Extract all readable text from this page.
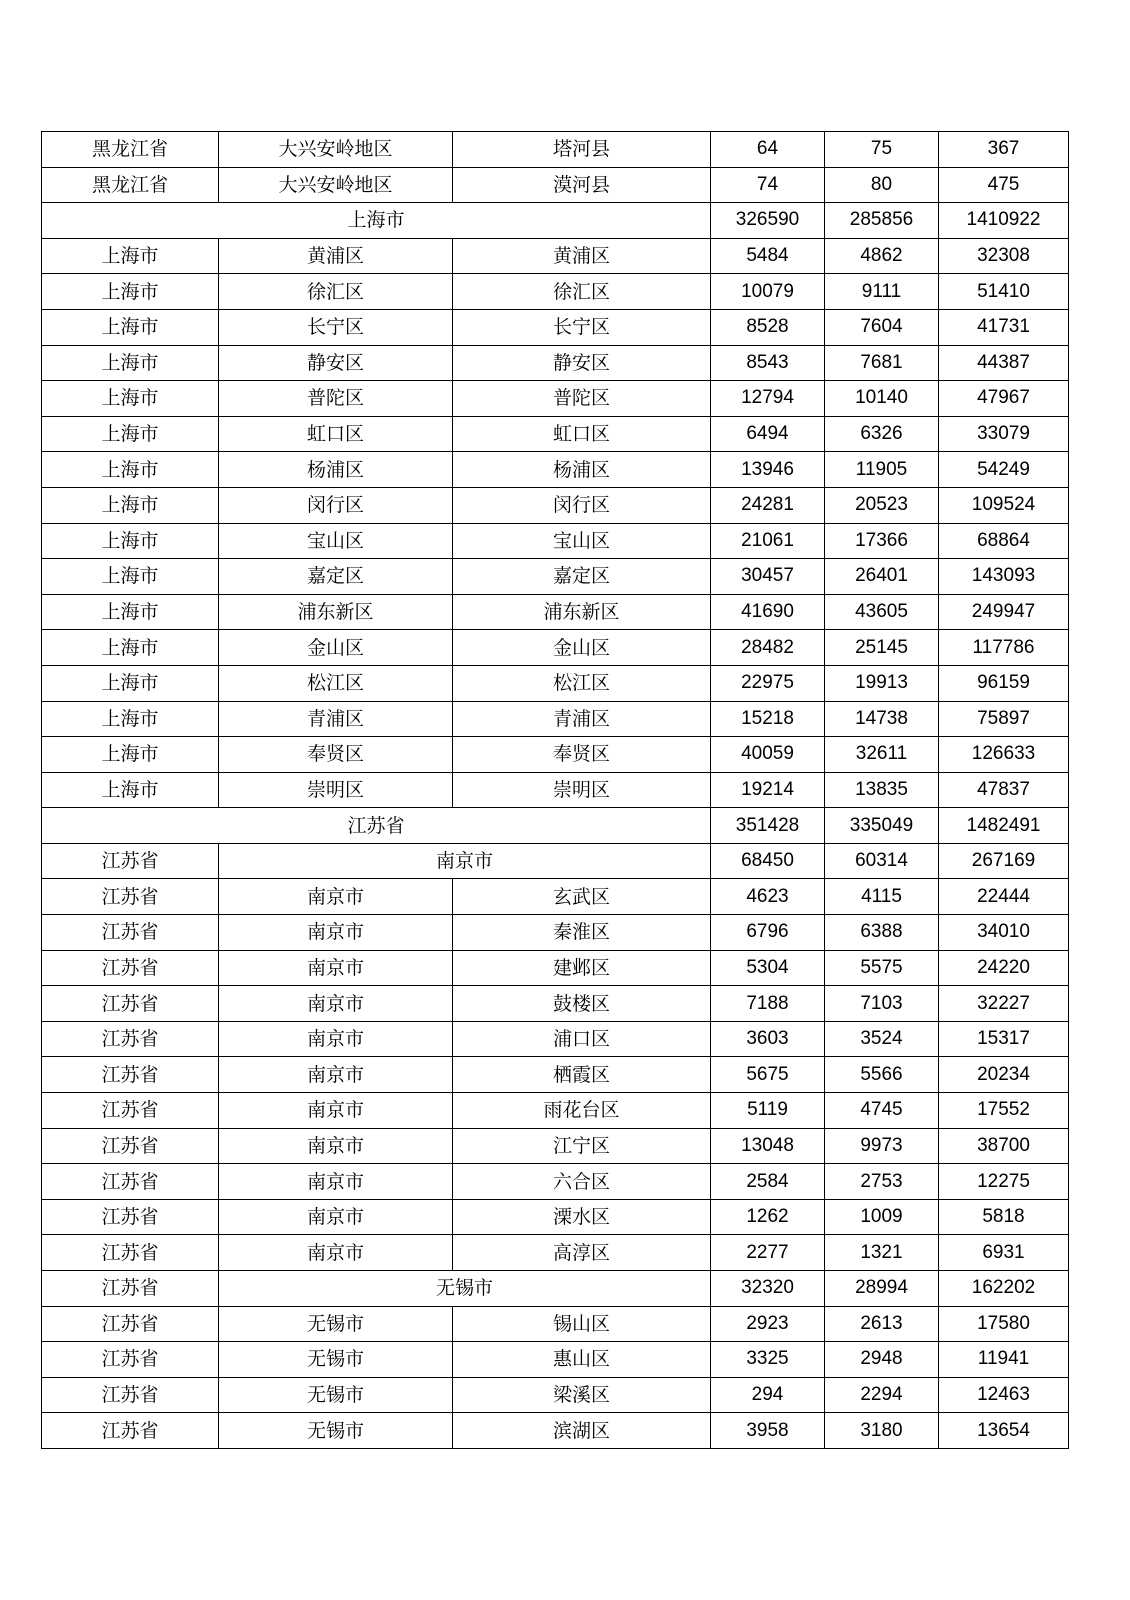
黑龙江省	大兴安岭地区	塔河县	64	75	367
黑龙江省	大兴安岭地区	漠河县	74	80	475
上海市			326590	285856	1410922
上海市	黄浦区	黄浦区	5484	4862	32308
上海市	徐汇区	徐汇区	10079	9111	51410
上海市	长宁区	长宁区	8528	7604	41731
上海市	静安区	静安区	8543	7681	44387
上海市	普陀区	普陀区	12794	10140	47967
上海市	虹口区	虹口区	6494	6326	33079
上海市	杨浦区	杨浦区	13946	11905	54249
上海市	闵行区	闵行区	24281	20523	109524
上海市	宝山区	宝山区	21061	17366	68864
上海市	嘉定区	嘉定区	30457	26401	143093
上海市	浦东新区	浦东新区	41690	43605	249947
上海市	金山区	金山区	28482	25145	117786
上海市	松江区	松江区	22975	19913	96159
上海市	青浦区	青浦区	15218	14738	75897
上海市	奉贤区	奉贤区	40059	32611	126633
上海市	崇明区	崇明区	19214	13835	47837
江苏省			351428	335049	1482491
江苏省	南京市		68450	60314	267169
江苏省	南京市	玄武区	4623	4115	22444
江苏省	南京市	秦淮区	6796	6388	34010
江苏省	南京市	建邺区	5304	5575	24220
江苏省	南京市	鼓楼区	7188	7103	32227
江苏省	南京市	浦口区	3603	3524	15317
江苏省	南京市	栖霞区	5675	5566	20234
江苏省	南京市	雨花台区	5119	4745	17552
江苏省	南京市	江宁区	13048	9973	38700
江苏省	南京市	六合区	2584	2753	12275
江苏省	南京市	溧水区	1262	1009	5818
江苏省	南京市	高淳区	2277	1321	6931
江苏省	无锡市		32320	28994	162202
江苏省	无锡市	锡山区	2923	2613	17580
江苏省	无锡市	惠山区	3325	2948	11941
江苏省	无锡市	梁溪区	294	2294	12463
江苏省	无锡市	滨湖区	3958	3180	13654
